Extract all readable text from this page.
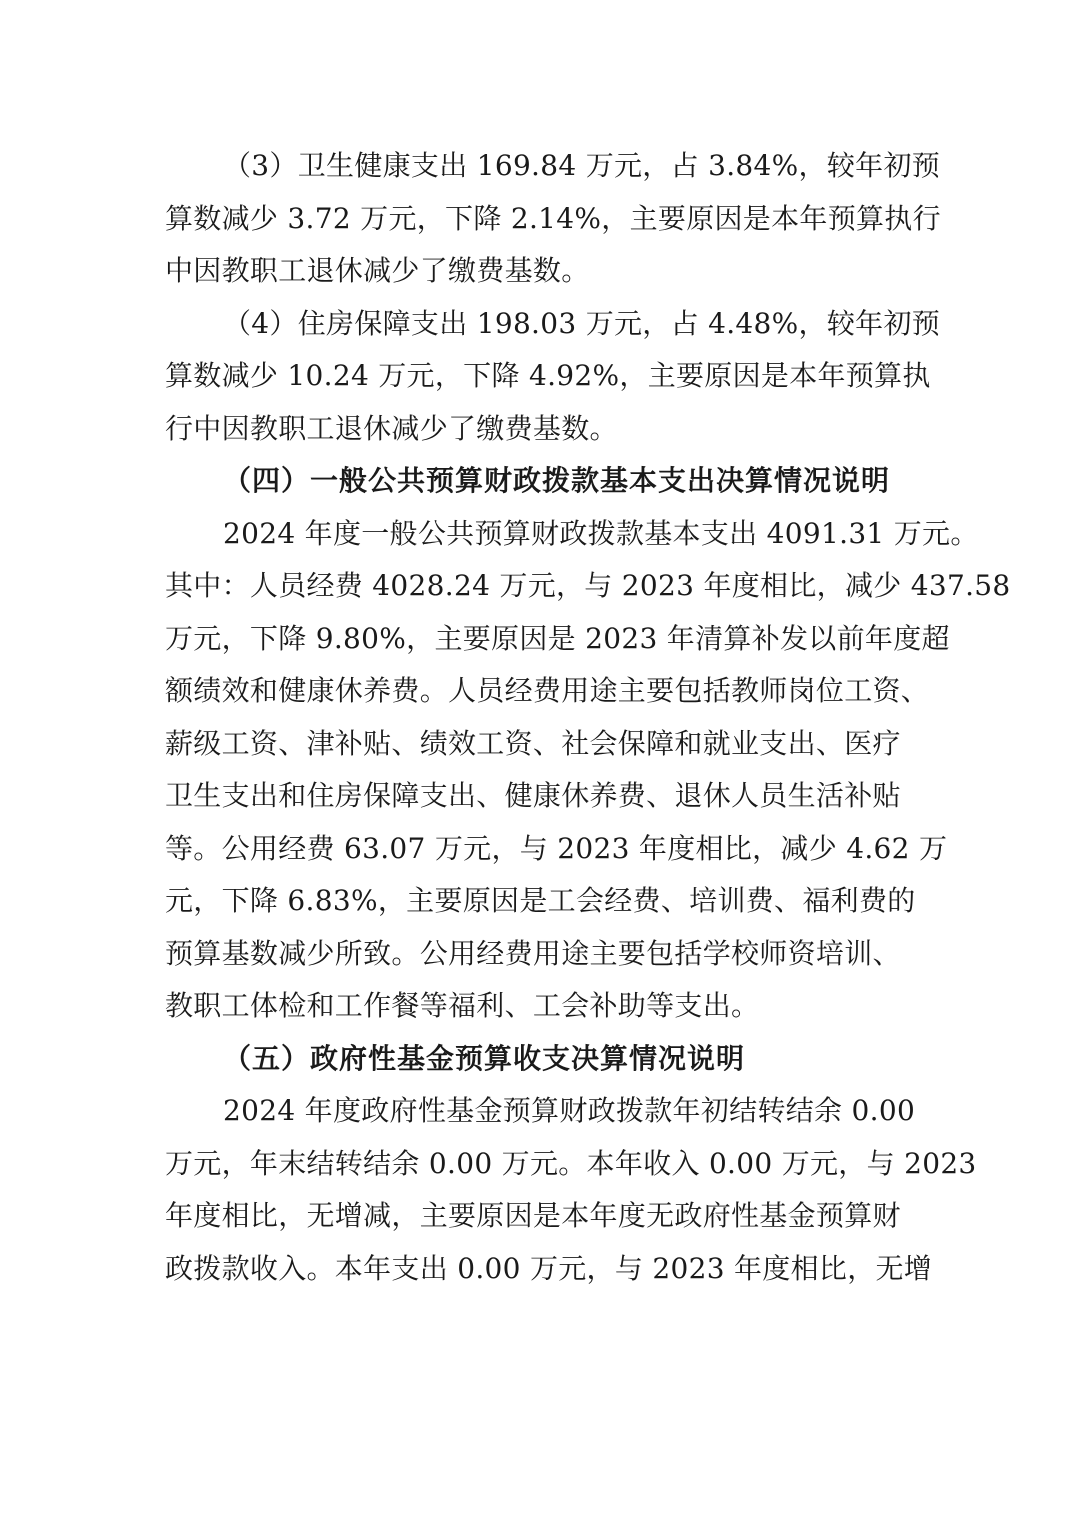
（3）卫生健康支出 169.84 万元，占 3.84%，较年初预
算数减少 3.72 万元，下降 2.14%，主要原因是本年预算执行
中因教职工退休减少了缴费基数。
（4）住房保障支出 198.03 万元，占 4.48%，较年初预
算数减少 10.24 万元，下降 4.92%，主要原因是本年预算执
行中因教职工退休减少了缴费基数。
（四）一般公共预算财政拨款基本支出决算情况说明
2024 年度一般公共预算财政拨款基本支出 4091.31 万元。
其中：人员经费 4028.24 万元，与 2023 年度相比，减少 437.58
万元，下降 9.80%，主要原因是 2023 年清算补发以前年度超
额绩效和健康休养费。人员经费用途主要包括教师岗位工资、
薪级工资、津补贴、绩效工资、社会保障和就业支出、医疗
卫生支出和住房保障支出、健康休养费、退休人员生活补贴
等。公用经费 63.07 万元，与 2023 年度相比，减少 4.62 万
元，下降 6.83%，主要原因是工会经费、培训费、福利费的
预算基数减少所致。公用经费用途主要包括学校师资培训、
教职工体检和工作餐等福利、工会补助等支出。
（五）政府性基金预算收支决算情况说明
2024 年度政府性基金预算财政拨款年初结转结余 0.00
万元，年末结转结余 0.00 万元。本年收入 0.00 万元，与 2023
年度相比，无增减，主要原因是本年度无政府性基金预算财
政拨款收入。本年支出 0.00 万元，与 2023 年度相比，无增
